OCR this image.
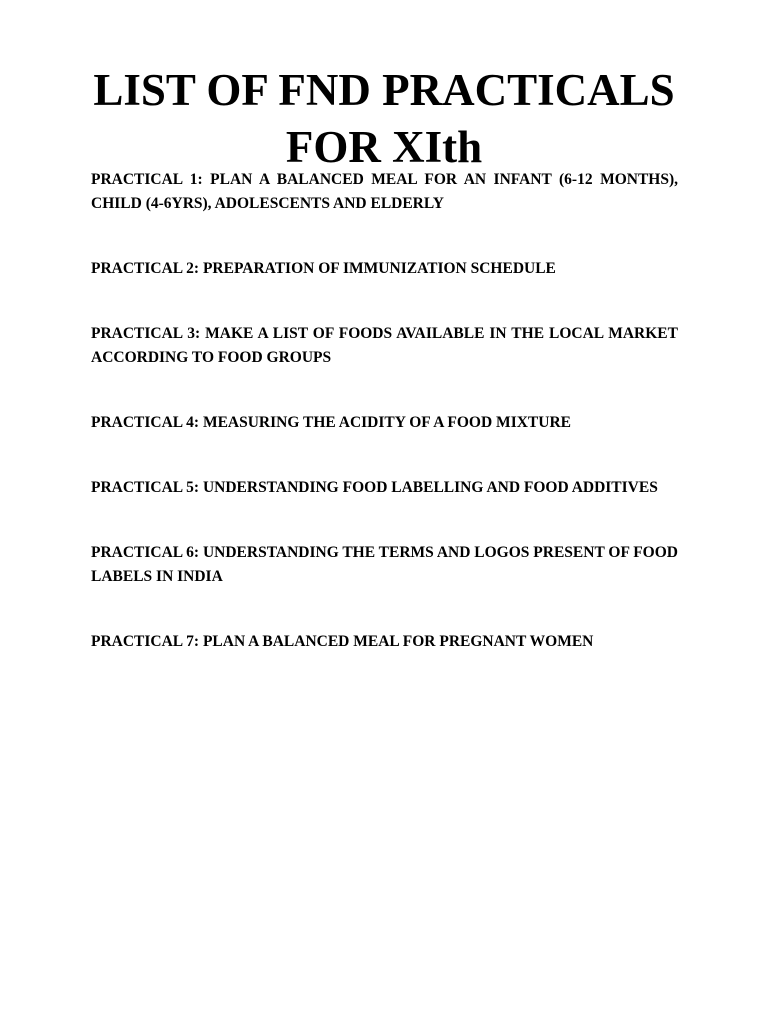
LIST OF FND PRACTICALS
FOR XIth

PRACTICAL 1: PLAN A BALANCED MEAL FOR AN INFANT (6-12 MONTHS), CHILD (4-6YRS), ADOLESCENTS AND ELDERLY

PRACTICAL 2: PREPARATION OF IMMUNIZATION SCHEDULE

PRACTICAL 3: MAKE A LIST OF FOODS AVAILABLE IN THE LOCAL MARKET ACCORDING TO FOOD GROUPS

PRACTICAL 4: MEASURING THE ACIDITY OF A FOOD MIXTURE

PRACTICAL 5: UNDERSTANDING FOOD LABELLING AND FOOD ADDITIVES

PRACTICAL 6: UNDERSTANDING THE TERMS AND LOGOS PRESENT OF FOOD LABELS IN INDIA

PRACTICAL 7: PLAN A BALANCED MEAL FOR PREGNANT WOMEN
